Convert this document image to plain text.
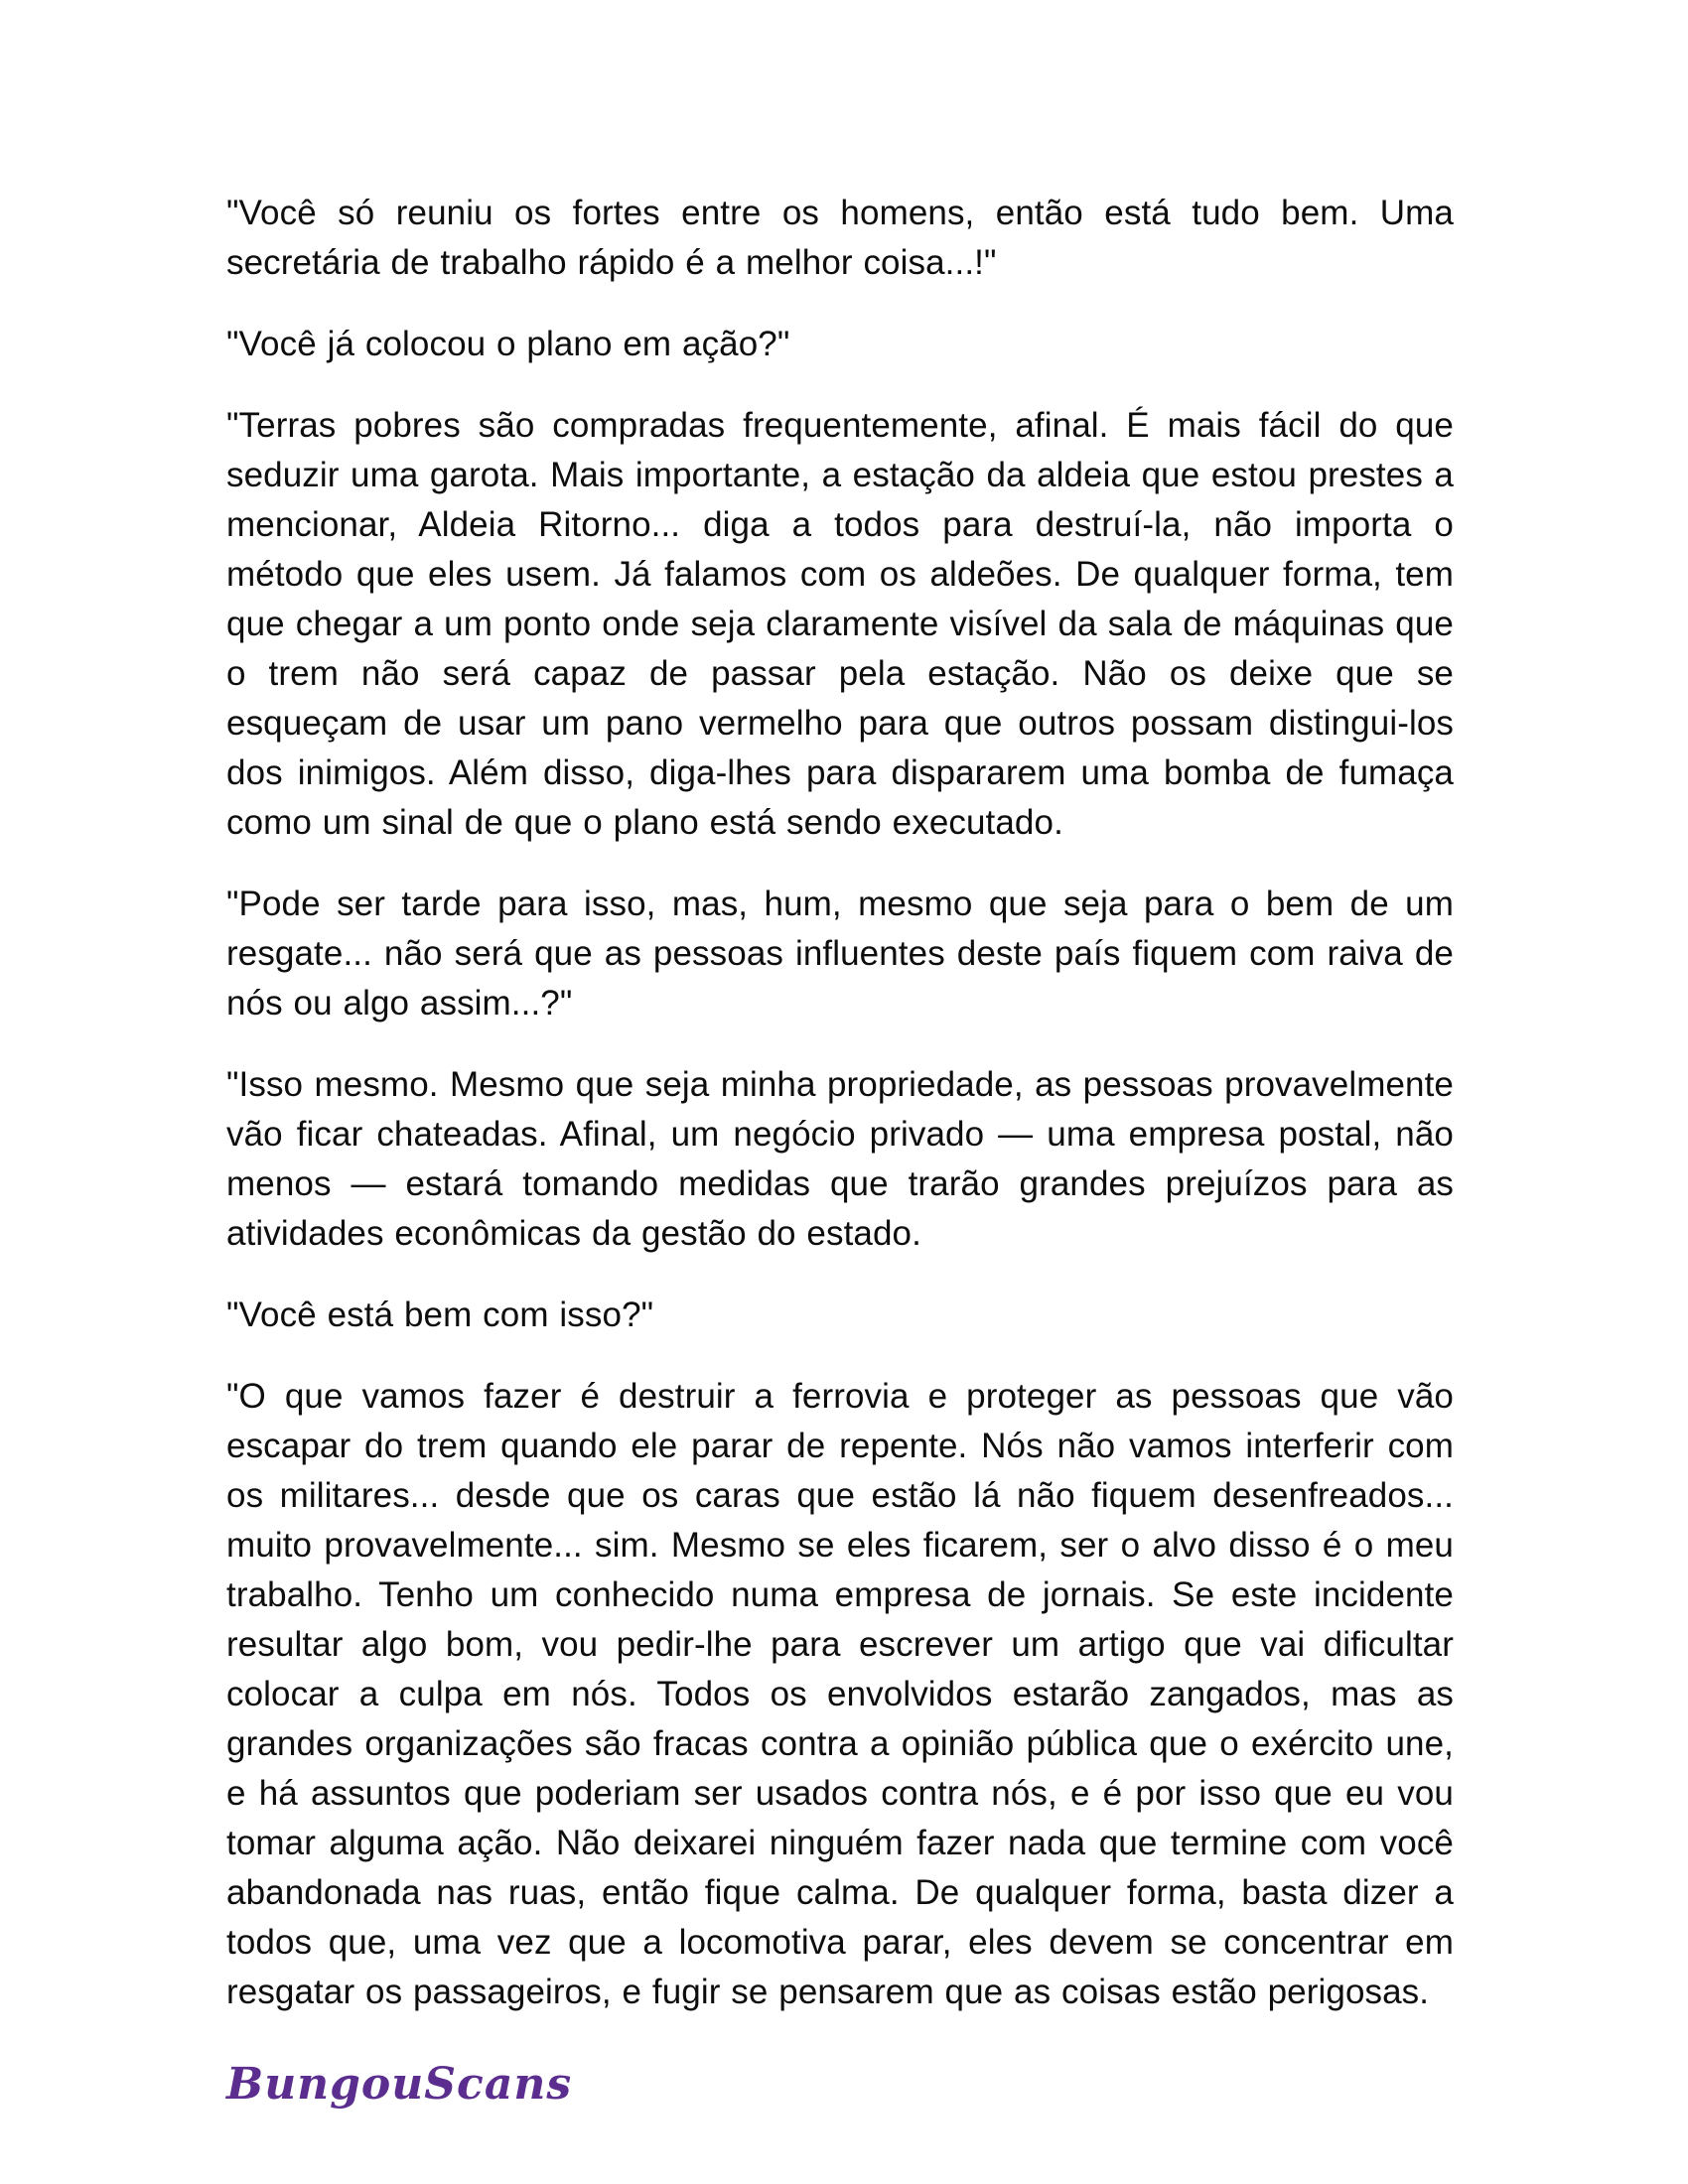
"Você só reuniu os fortes entre os homens, então está tudo bem. Uma secretária de trabalho rápido é a melhor coisa...!"

"Você já colocou o plano em ação?"

"Terras pobres são compradas frequentemente, afinal. É mais fácil do que seduzir uma garota. Mais importante, a estação da aldeia que estou prestes a mencionar, Aldeia Ritorno... diga a todos para destruí-la, não importa o método que eles usem. Já falamos com os aldeões. De qualquer forma, tem que chegar a um ponto onde seja claramente visível da sala de máquinas que o trem não será capaz de passar pela estação. Não os deixe que se esqueçam de usar um pano vermelho para que outros possam distingui-los dos inimigos. Além disso, diga-lhes para dispararem uma bomba de fumaça como um sinal de que o plano está sendo executado.

"Pode ser tarde para isso, mas, hum, mesmo que seja para o bem de um resgate... não será que as pessoas influentes deste país fiquem com raiva de nós ou algo assim...?"

"Isso mesmo. Mesmo que seja minha propriedade, as pessoas provavelmente vão ficar chateadas. Afinal, um negócio privado — uma empresa postal, não menos — estará tomando medidas que trarão grandes prejuízos para as atividades econômicas da gestão do estado.

"Você está bem com isso?"

"O que vamos fazer é destruir a ferrovia e proteger as pessoas que vão escapar do trem quando ele parar de repente. Nós não vamos interferir com os militares... desde que os caras que estão lá não fiquem desenfreados... muito provavelmente... sim. Mesmo se eles ficarem, ser o alvo disso é o meu trabalho. Tenho um conhecido numa empresa de jornais. Se este incidente resultar algo bom, vou pedir-lhe para escrever um artigo que vai dificultar colocar a culpa em nós. Todos os envolvidos estarão zangados, mas as grandes organizações são fracas contra a opinião pública que o exército une, e há assuntos que poderiam ser usados contra nós, e é por isso que eu vou tomar alguma ação. Não deixarei ninguém fazer nada que termine com você abandonada nas ruas, então fique calma. De qualquer forma, basta dizer a todos que, uma vez que a locomotiva parar, eles devem se concentrar em resgatar os passageiros, e fugir se pensarem que as coisas estão perigosas.

BungouScans
